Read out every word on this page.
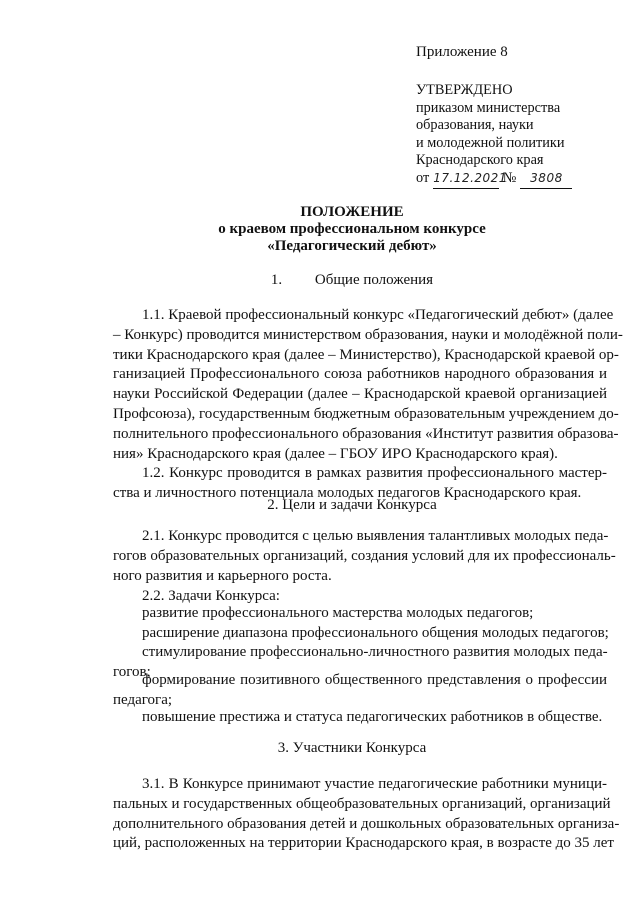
Приложение 8
УТВЕРЖДЕНО
приказом министерства
образования, науки
и молодежной политики
Краснодарского края
от 17.12.2021 № 3808
ПОЛОЖЕНИЕ
о краевом профессиональном конкурсе
«Педагогический дебют»
1. Общие положения
1.1. Краевой профессиональный конкурс «Педагогический дебют» (далее
– Конкурс) проводится министерством образования, науки и молодёжной поли-
тики Краснодарского края (далее – Министерство), Краснодарской краевой ор-
ганизацией Профессионального союза работников народного образования и
науки Российской Федерации (далее – Краснодарской краевой организацией
Профсоюза), государственным бюджетным образовательным учреждением до-
полнительного профессионального образования «Институт развития образова-
ния» Краснодарского края (далее – ГБОУ ИРО Краснодарского края).
1.2. Конкурс проводится в рамках развития профессионального мастер-
ства и личностного потенциала молодых педагогов Краснодарского края.
2. Цели и задачи Конкурса
2.1. Конкурс проводится с целью выявления талантливых молодых педа-
гогов образовательных организаций, создания условий для их профессиональ-
ного развития и карьерного роста.
2.2. Задачи Конкурса:
развитие профессионального мастерства молодых педагогов;
расширение диапазона профессионального общения молодых педагогов;
стимулирование профессионально-личностного развития молодых педа-
гогов;
формирование позитивного общественного представления о профессии
педагога;
повышение престижа и статуса педагогических работников в обществе.
3. Участники Конкурса
3.1. В Конкурсе принимают участие педагогические работники муници-
пальных и государственных общеобразовательных организаций, организаций
дополнительного образования детей и дошкольных образовательных организа-
ций, расположенных на территории Краснодарского края, в возрасте до 35 лет
